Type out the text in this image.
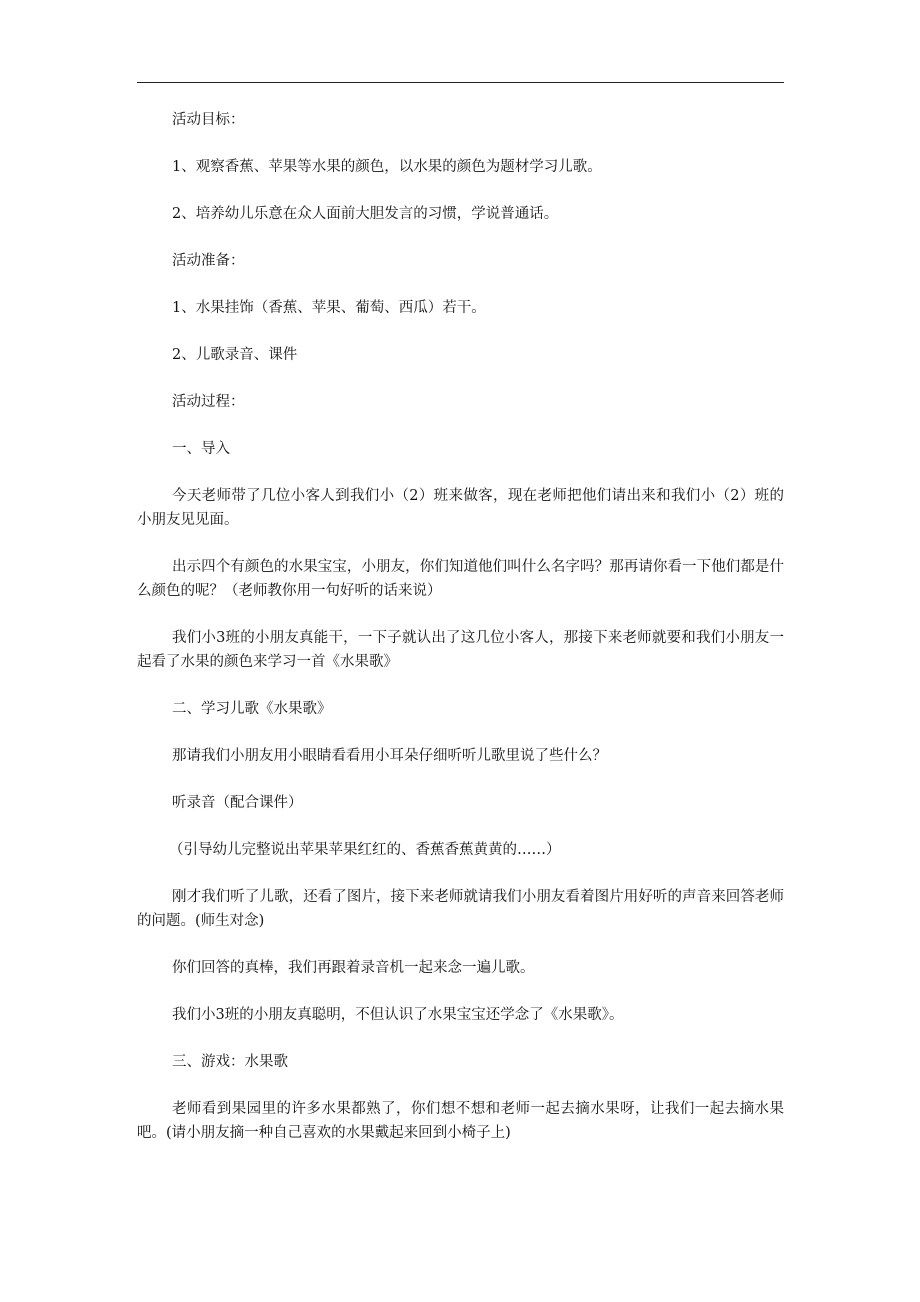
活动目标：

1、观察香蕉、苹果等水果的颜色，以水果的颜色为题材学习儿歌。

2、培养幼儿乐意在众人面前大胆发言的习惯，学说普通话。

活动准备：

1、水果挂饰（香蕉、苹果、葡萄、西瓜）若干。

2、儿歌录音、课件

活动过程：

一、导入

今天老师带了几位小客人到我们小（2）班来做客，现在老师把他们请出来和我们小（2）班的小朋友见见面。

出示四个有颜色的水果宝宝，小朋友，你们知道他们叫什么名字吗？那再请你看一下他们都是什么颜色的呢？（老师教你用一句好听的话来说）

我们小3班的小朋友真能干，一下子就认出了这几位小客人，那接下来老师就要和我们小朋友一起看了水果的颜色来学习一首《水果歌》

二、学习儿歌《水果歌》

那请我们小朋友用小眼睛看看用小耳朵仔细听听儿歌里说了些什么？

听录音（配合课件）

（引导幼儿完整说出苹果苹果红红的、香蕉香蕉黄黄的……）

刚才我们听了儿歌，还看了图片，接下来老师就请我们小朋友看着图片用好听的声音来回答老师的问题。(师生对念)

你们回答的真棒，我们再跟着录音机一起来念一遍儿歌。

我们小3班的小朋友真聪明，不但认识了水果宝宝还学念了《水果歌》。

三、游戏：水果歌

老师看到果园里的许多水果都熟了，你们想不想和老师一起去摘水果呀，让我们一起去摘水果吧。(请小朋友摘一种自己喜欢的水果戴起来回到小椅子上)
